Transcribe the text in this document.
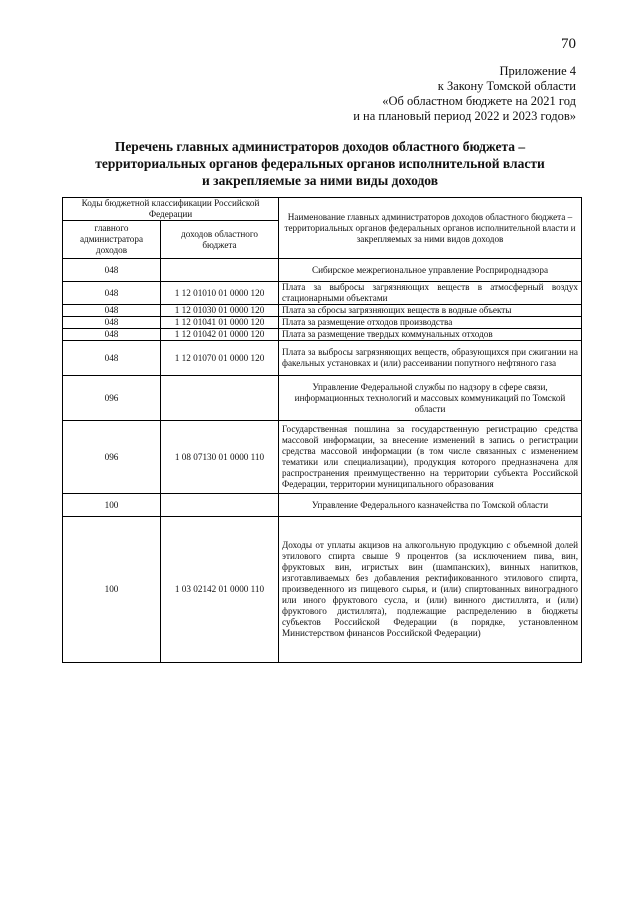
70
Приложение 4
к Закону Томской области
«Об областном бюджете на 2021 год
и на плановый период 2022 и 2023 годов»
Перечень главных администраторов доходов областного бюджета –
территориальных органов федеральных органов исполнительной власти
и закрепляемые за ними виды доходов
Коды бюджетной классификации Российской Федерации		Наименование главных администраторов доходов областного бюджета – территориальных органов федеральных органов исполнительной власти и закрепляемых за ними видов доходов
главного администратора доходов	доходов областного бюджета	
048		Сибирское межрегиональное управление Росприроднадзора
048	1 12 01010 01 0000 120	Плата за выбросы загрязняющих веществ в атмосферный воздух стационарными объектами
048	1 12 01030 01 0000 120	Плата за сбросы загрязняющих веществ в водные объекты
048	1 12 01041 01 0000 120	Плата за размещение отходов производства
048	1 12 01042 01 0000 120	Плата за размещение твердых коммунальных отходов
048	1 12 01070 01 0000 120	Плата за выбросы загрязняющих веществ, образующихся при сжигании на факельных установках и (или) рассеивании попутного нефтяного газа
096		Управление Федеральной службы по надзору в сфере связи, информационных технологий и массовых коммуникаций по Томской области
096	1 08 07130 01 0000 110	Государственная пошлина за государственную регистрацию средства массовой информации, за внесение изменений в запись о регистрации средства массовой информации (в том числе связанных с изменением тематики или специализации), продукция которого предназначена для распространения преимущественно на территории субъекта Российской Федерации, территории муниципального образования
100		Управление Федерального казначейства по Томской области
100	1 03 02142 01 0000 110	Доходы от уплаты акцизов на алкогольную продукцию с объемной долей этилового спирта свыше 9 процентов (за исключением пива, вин, фруктовых вин, игристых вин (шампанских), винных напитков, изготавливаемых без добавления ректификованного этилового спирта, произведенного из пищевого сырья, и (или) спиртованных виноградного или иного фруктового сусла, и (или) винного дистиллята, и (или) фруктового дистиллята), подлежащие распределению в бюджеты субъектов Российской Федерации (в порядке, установленном Министерством финансов Российской Федерации)
